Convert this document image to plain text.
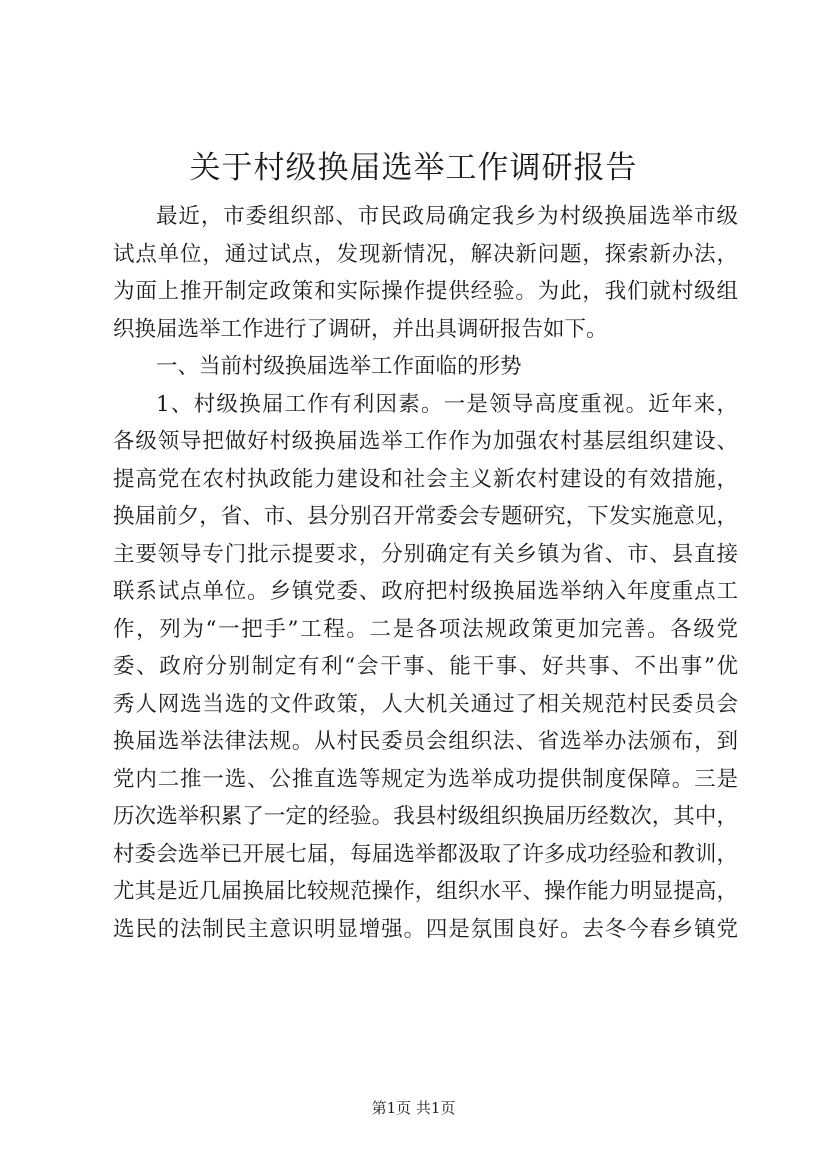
关于村级换届选举工作调研报告
最近，市委组织部、市民政局确定我乡为村级换届选举市级
试点单位，通过试点，发现新情况，解决新问题，探索新办法，
为面上推开制定政策和实际操作提供经验。为此，我们就村级组
织换届选举工作进行了调研，并出具调研报告如下。
一、当前村级换届选举工作面临的形势
1、村级换届工作有利因素。一是领导高度重视。近年来，
各级领导把做好村级换届选举工作作为加强农村基层组织建设、
提高党在农村执政能力建设和社会主义新农村建设的有效措施，
换届前夕，省、市、县分别召开常委会专题研究，下发实施意见，
主要领导专门批示提要求，分别确定有关乡镇为省、市、县直接
联系试点单位。乡镇党委、政府把村级换届选举纳入年度重点工
作，列为“一把手”工程。二是各项法规政策更加完善。各级党
委、政府分别制定有利“会干事、能干事、好共事、不出事”优
秀人网选当选的文件政策，人大机关通过了相关规范村民委员会
换届选举法律法规。从村民委员会组织法、省选举办法颁布，到
党内二推一选、公推直选等规定为选举成功提供制度保障。三是
历次选举积累了一定的经验。我县村级组织换届历经数次，其中，
村委会选举已开展七届，每届选举都汲取了许多成功经验和教训，
尤其是近几届换届比较规范操作，组织水平、操作能力明显提高，
选民的法制民主意识明显增强。四是氛围良好。去冬今春乡镇党
第1页 共1页
